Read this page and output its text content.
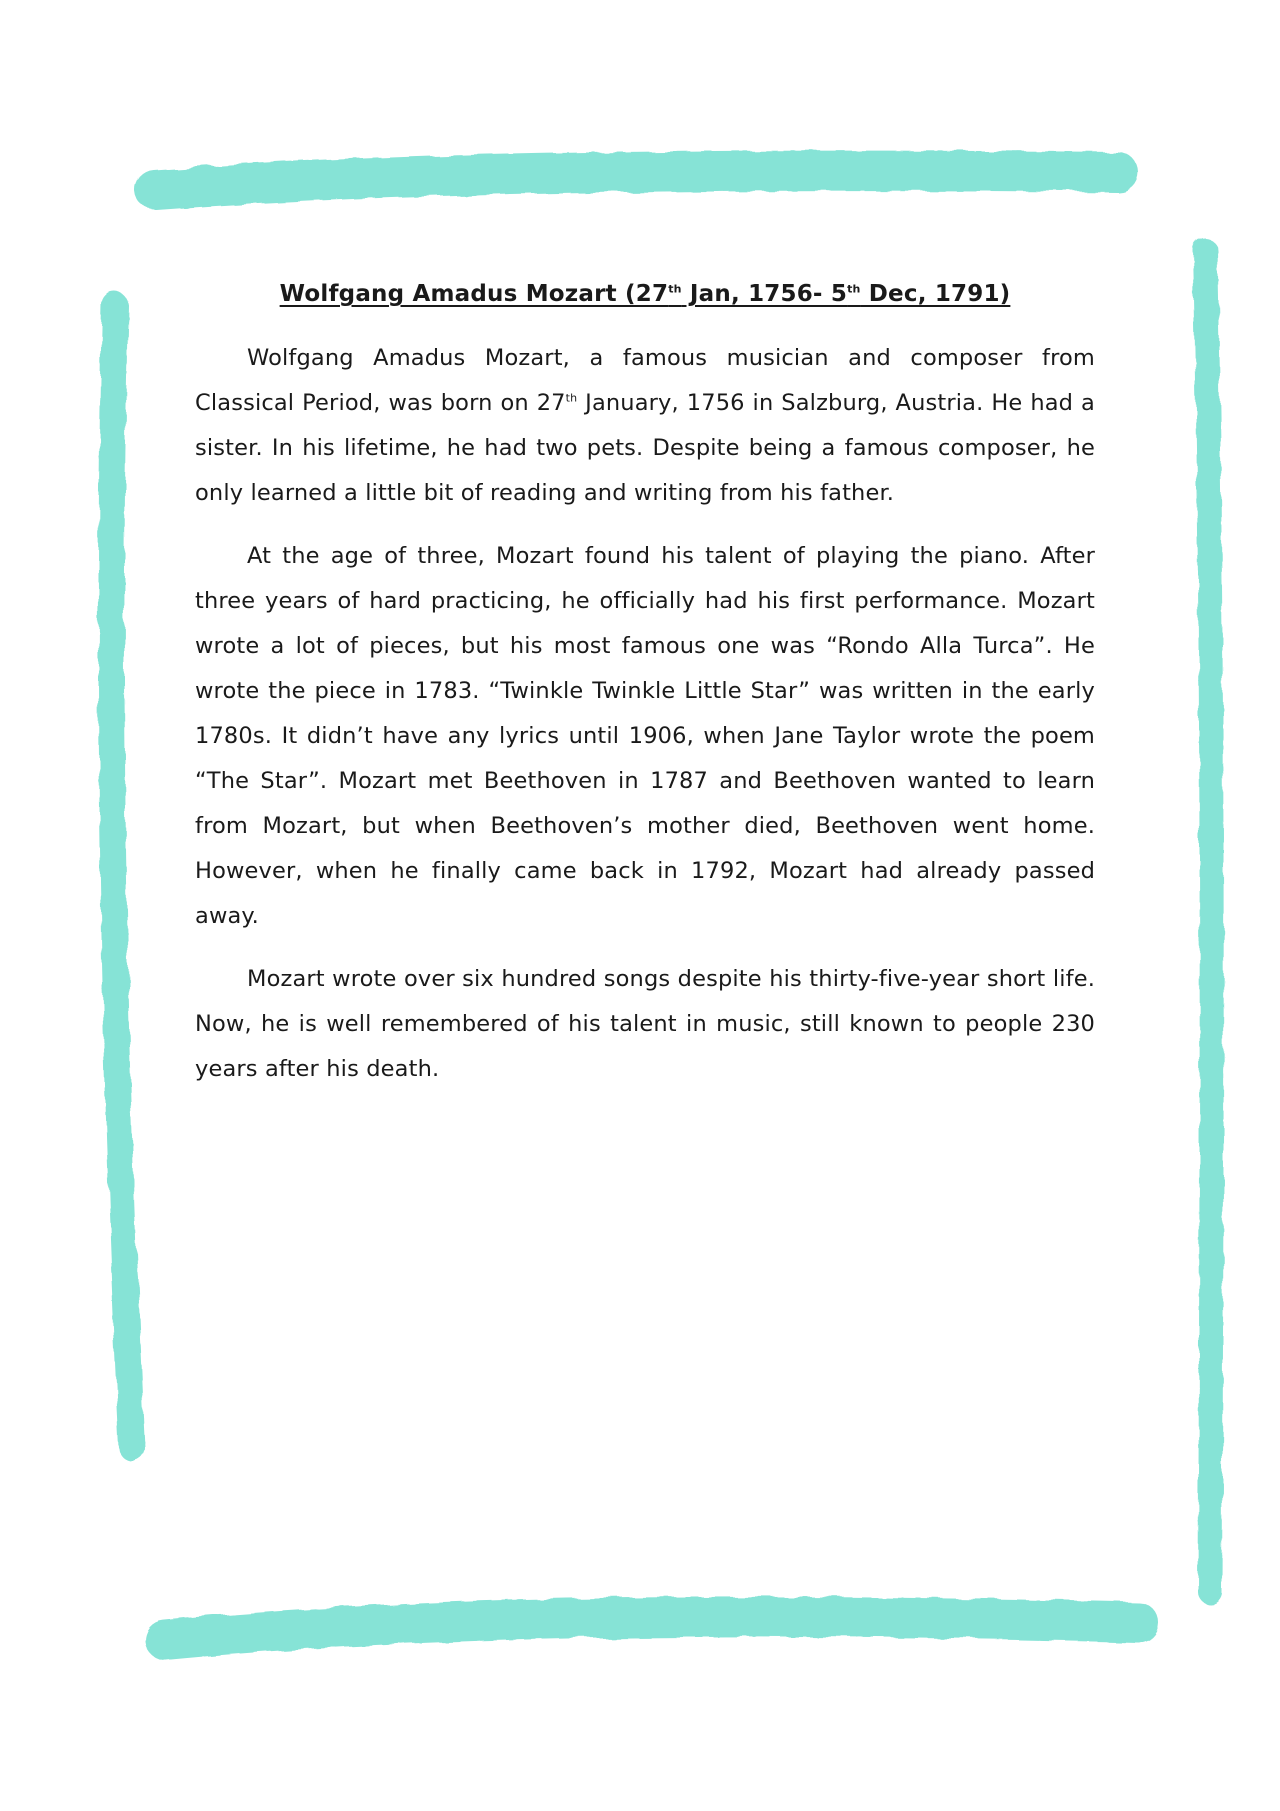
Wolfgang Amadus Mozart (27th Jan, 1756- 5th Dec, 1791)

Wolfgang Amadus Mozart, a famous musician and composer from Classical Period, was born on 27th January, 1756 in Salzburg, Austria. He had a sister. In his lifetime, he had two pets. Despite being a famous composer, he only learned a little bit of reading and writing from his father.

At the age of three, Mozart found his talent of playing the piano. After three years of hard practicing, he officially had his first performance. Mozart wrote a lot of pieces, but his most famous one was “Rondo Alla Turca”. He wrote the piece in 1783. “Twinkle Twinkle Little Star” was written in the early 1780s. It didn’t have any lyrics until 1906, when Jane Taylor wrote the poem “The Star”. Mozart met Beethoven in 1787 and Beethoven wanted to learn from Mozart, but when Beethoven’s mother died, Beethoven went home. However, when he finally came back in 1792, Mozart had already passed away.

Mozart wrote over six hundred songs despite his thirty-five-year short life. Now, he is well remembered of his talent in music, still known to people 230 years after his death.
